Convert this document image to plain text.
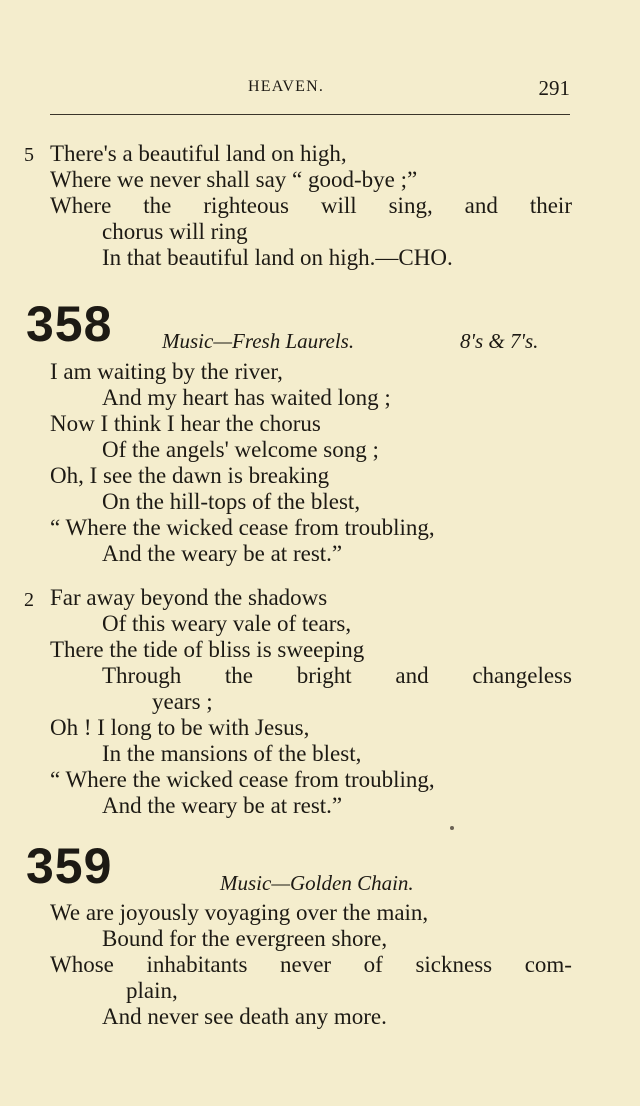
HEAVEN.	291
5 There's a beautiful land on high,
Where we never shall say “ good-bye ;”
Where the righteous will sing, and their
chorus will ring
In that beautiful land on high.—CHO.
358 Music—Fresh Laurels.	8's & 7's.
I am waiting by the river,
And my heart has waited long ;
Now I think I hear the chorus
Of the angels' welcome song ;
Oh, I see the dawn is breaking
On the hill-tops of the blest,
“ Where the wicked cease from troubling,
And the weary be at rest.”
2 Far away beyond the shadows
Of this weary vale of tears,
There the tide of bliss is sweeping
Through the bright and changeless
years ;
Oh ! I long to be with Jesus,
In the mansions of the blest,
“ Where the wicked cease from troubling,
And the weary be at rest.”
359	Music—Golden Chain.
We are joyously voyaging over the main,
Bound for the evergreen shore,
Whose inhabitants never of sickness com-
plain,
And never see death any more.
